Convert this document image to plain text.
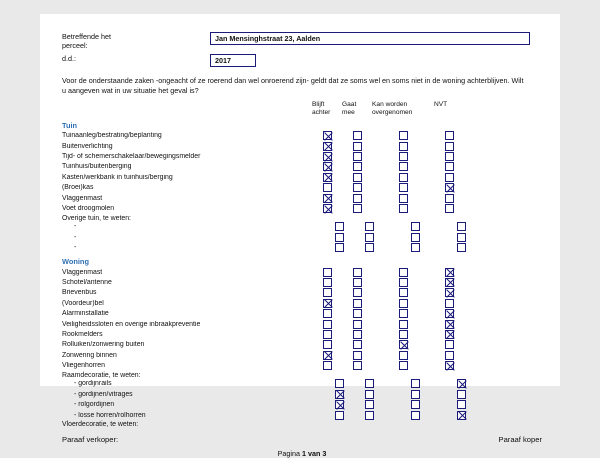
Betreffende het
perceel:
Jan Mensinghstraat 23, Aalden
d.d.:	2017
Voor de onderstaande zaken -ongeacht of ze roerend dan wel onroerend zijn- geldt dat ze soms wel en soms niet in de woning achterblijven. Wilt u aangeven wat in uw situatie het geval is?
Blijft
achter
Gaat
mee
Kan worden
overgenomen
NVT
Tuin
Tuinaanleg/bestrating/beplanting
Buitenverlichting
Tijd- of schemerschakelaar/bewegingsmelder
Tuinhuis/buitenberging
Kasten/werkbank in tuinhuis/berging
(Broei)kas
Vlaggenmast
Voet droogmolen
Overige tuin, te weten:
-
-
-
Woning
Vlaggenmast
Schotel/antenne
Brievenbus
(Voordeur)bel
Alarminstallatie
Veiligheidssloten en overige inbraakpreventie
Rookmelders
Rolluiken/zonwering buiten
Zonwering binnen
Vliegenhorren
Raamdecoratie, te weten:
- gordijnrails
- gordijnen/vitrages
- rolgordijnen
- losse horren/rolhorren
Vloerdecoratie, te weten:
Paraaf verkoper:	Paraaf koper
Pagina 1 van 3
